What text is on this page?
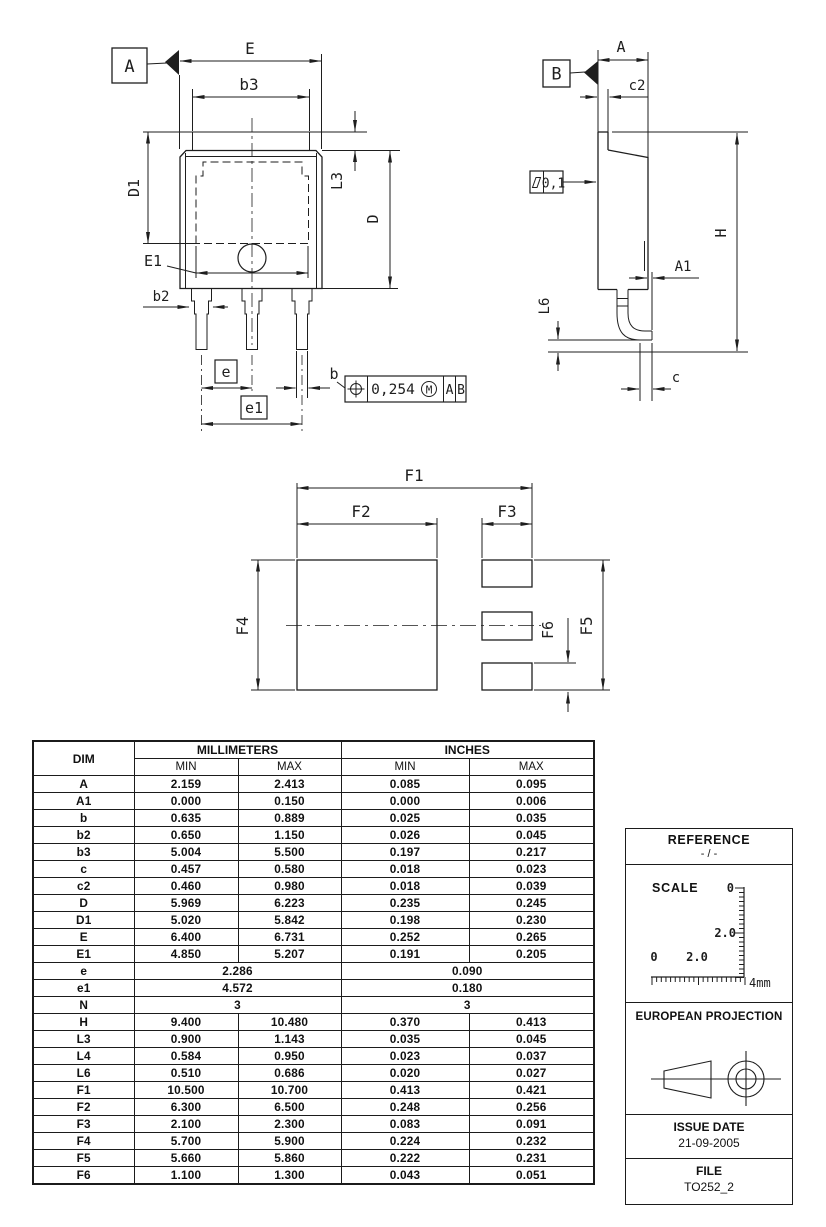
A
E
b3
D1	L3
D
E1
b2
e
e1
b
0,254 M A B
B
A
c2
0,1
H
A1
L6
c
F1
F2	F3
F4	F5
F6
DIM	MILLIMETERS		INCHES	
	MIN	MAX	MIN	MAX
A	2.159	2.413	0.085	0.095
A1	0.000	0.150	0.000	0.006
b	0.635	0.889	0.025	0.035
b2	0.650	1.150	0.026	0.045
b3	5.004	5.500	0.197	0.217
c	0.457	0.580	0.018	0.023
c2	0.460	0.980	0.018	0.039
D	5.969	6.223	0.235	0.245
D1	5.020	5.842	0.198	0.230
E	6.400	6.731	0.252	0.265
E1	4.850	5.207	0.191	0.205
e	2.286		0.090	
e1	4.572		0.180	
N	3		3	
H	9.400	10.480	0.370	0.413
L3	0.900	1.143	0.035	0.045
L4	0.584	0.950	0.023	0.037
L6	0.510	0.686	0.020	0.027
F1	10.500	10.700	0.413	0.421
F2	6.300	6.500	0.248	0.256
F3	2.100	2.300	0.083	0.091
F4	5.700	5.900	0.224	0.232
F5	5.660	5.860	0.222	0.231
F6	1.100	1.300	0.043	0.051
REFERENCE
- / -
SCALE 0
2.0
0 2.0
4mm
EUROPEAN PROJECTION
ISSUE DATE
21-09-2005
FILE
TO252_2
